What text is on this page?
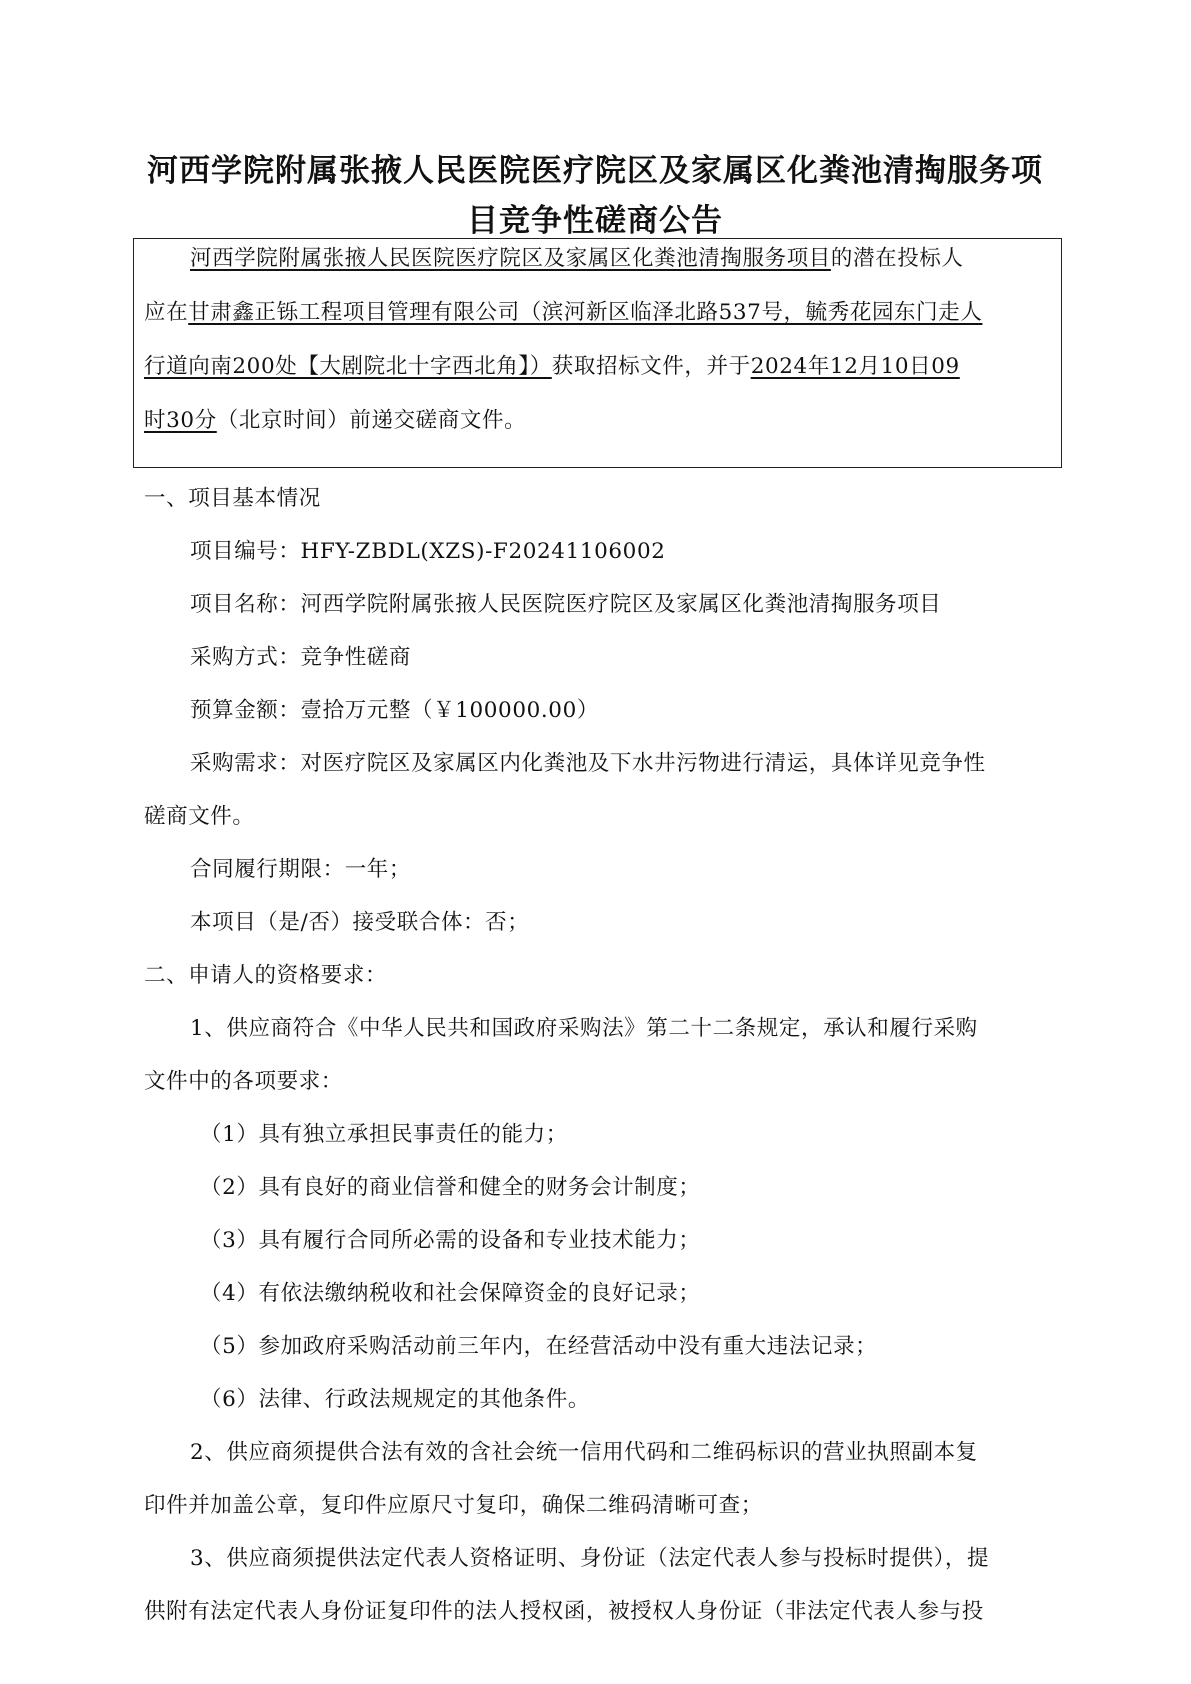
河西学院附属张掖人民医院医疗院区及家属区化粪池清掏服务项
目竞争性磋商公告
河西学院附属张掖人民医院医疗院区及家属区化粪池清掏服务项目的潜在投标人
应在甘肃鑫正铄工程项目管理有限公司（滨河新区临泽北路537号，毓秀花园东门走人
行道向南200处【大剧院北十字西北角】）获取招标文件，并于2024年12月10日09
时30分（北京时间）前递交磋商文件。
一、项目基本情况
项目编号：HFY-ZBDL(XZS)-F20241106002
项目名称：河西学院附属张掖人民医院医疗院区及家属区化粪池清掏服务项目
采购方式：竞争性磋商
预算金额：壹拾万元整（￥100000.00）
采购需求：对医疗院区及家属区内化粪池及下水井污物进行清运，具体详见竞争性
磋商文件。
合同履行期限：一年；
本项目（是/否）接受联合体：否；
二、申请人的资格要求：
1、供应商符合《中华人民共和国政府采购法》第二十二条规定，承认和履行采购
文件中的各项要求：
（1）具有独立承担民事责任的能力；
（2）具有良好的商业信誉和健全的财务会计制度；
（3）具有履行合同所必需的设备和专业技术能力；
（4）有依法缴纳税收和社会保障资金的良好记录；
（5）参加政府采购活动前三年内，在经营活动中没有重大违法记录；
（6）法律、行政法规规定的其他条件。
2、供应商须提供合法有效的含社会统一信用代码和二维码标识的营业执照副本复
印件并加盖公章，复印件应原尺寸复印，确保二维码清晰可查；
3、供应商须提供法定代表人资格证明、身份证（法定代表人参与投标时提供），提
供附有法定代表人身份证复印件的法人授权函，被授权人身份证（非法定代表人参与投
